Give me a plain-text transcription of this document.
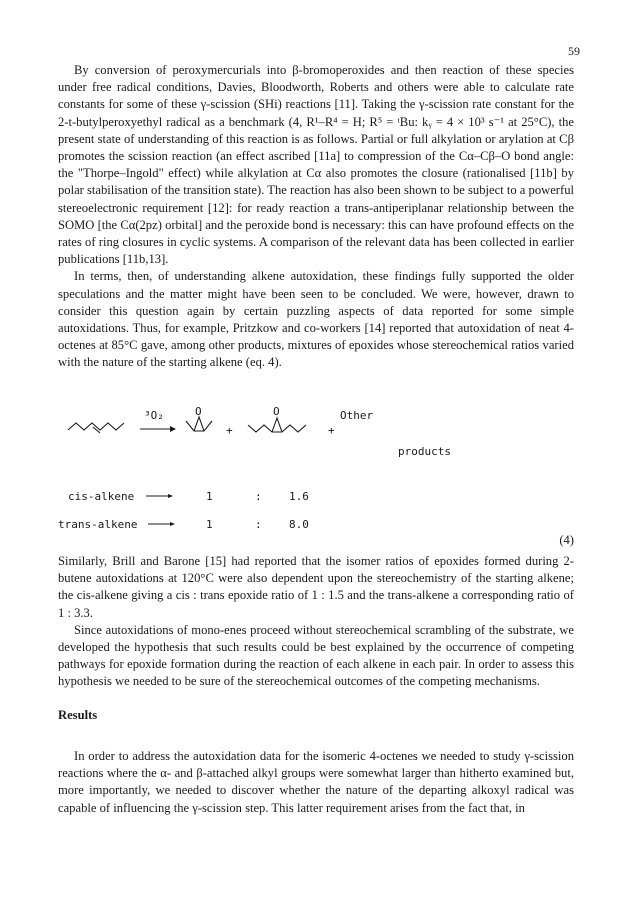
59

By conversion of peroxymercurials into β-bromoperoxides and then reaction of these species under free radical conditions, Davies, Bloodworth, Roberts and others were able to calculate rate constants for some of these γ-scission (SHi) reactions [11]. Taking the γ-scission rate constant for the 2-t-butylperoxyethyl radical as a benchmark (4, R¹–R⁴ = H; R⁵ = ᵗBu: kᵧ = 4 × 10³ s⁻¹ at 25°C), the present state of understanding of this reaction is as follows. Partial or full alkylation or arylation at Cβ promotes the scission reaction (an effect ascribed [11a] to compression of the Cα–Cβ–O bond angle: the "Thorpe–Ingold" effect) while alkylation at Cα also promotes the closure (rationalised [11b] by polar stabilisation of the transition state). The reaction has also been shown to be subject to a powerful stereoelectronic requirement [12]: for ready reaction a trans-antiperiplanar relationship between the SOMO [the Cα(2pz) orbital] and the peroxide bond is necessary: this can have profound effects on the rates of ring closures in cyclic systems. A comparison of the relevant data has been collected in earlier publications [11b,13].

In terms, then, of understanding alkene autoxidation, these findings fully supported the older speculations and the matter might have been seen to be concluded. We were, however, drawn to consider this question again by certain puzzling aspects of data reported for some simple autoxidations. Thus, for example, Pritzkow and co-workers [14] reported that autoxidation of neat 4-octenes at 85°C gave, among other products, mixtures of epoxides whose stereochemical ratios varied with the nature of the starting alkene (eq. 4).

³O₂	O
+
O
+
Other
products
cis-alkene	1	: 1.6
trans-alkene	1	: 8.0
(4)

Similarly, Brill and Barone [15] had reported that the isomer ratios of epoxides formed during 2-butene autoxidations at 120°C were also dependent upon the stereochemistry of the starting alkene; the cis-alkene giving a cis : trans epoxide ratio of 1 : 1.5 and the trans-alkene a corresponding ratio of 1 : 3.3.

Since autoxidations of mono-enes proceed without stereochemical scrambling of the substrate, we developed the hypothesis that such results could be best explained by the occurrence of competing pathways for epoxide formation during the reaction of each alkene in each pair. In order to assess this hypothesis we needed to be sure of the stereochemical outcomes of the competing mechanisms.

Results

In order to address the autoxidation data for the isomeric 4-octenes we needed to study γ-scission reactions where the α- and β-attached alkyl groups were somewhat larger than hitherto examined but, more importantly, we needed to discover whether the nature of the departing alkoxyl radical was capable of influencing the γ-scission step. This latter requirement arises from the fact that, in
